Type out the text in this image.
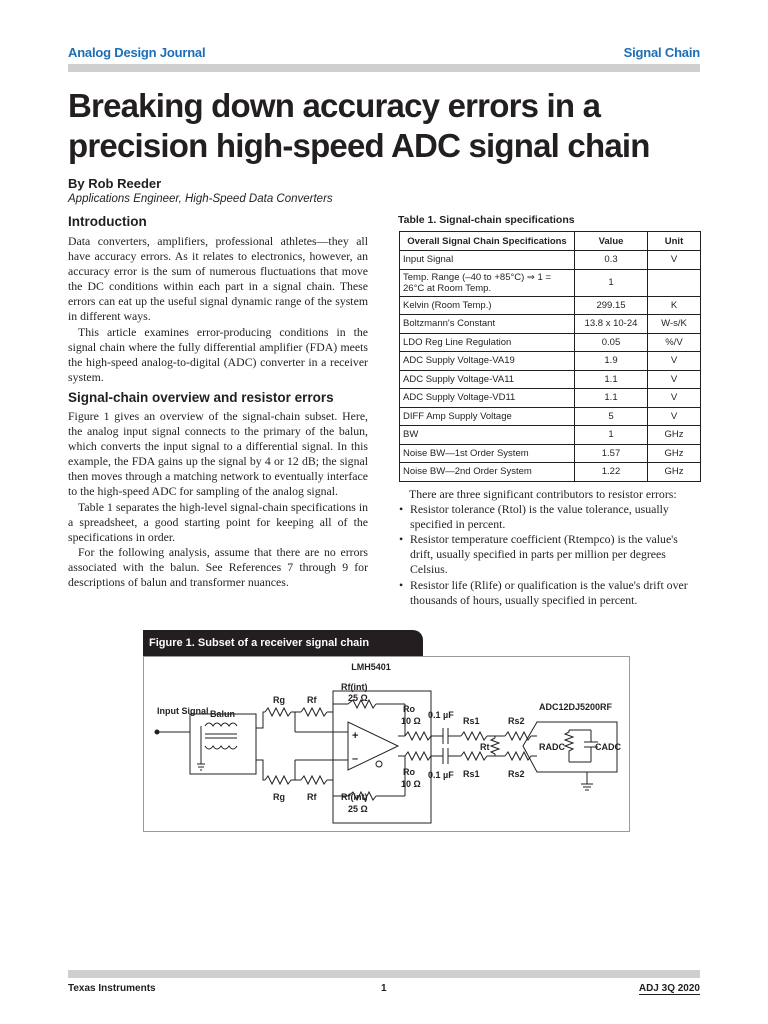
Analog Design Journal	Signal Chain
Breaking down accuracy errors in a precision high-speed ADC signal chain
By Rob Reeder
Applications Engineer, High-Speed Data Converters
Introduction

Data converters, amplifiers, professional athletes—they all have accuracy errors. As it relates to electronics, however, an accuracy error is the sum of numerous fluctuations that move the DC conditions within each part in a signal chain. These errors can eat up the useful signal dynamic range of the system in different ways.

This article examines error-producing conditions in the signal chain where the fully differential amplifier (FDA) meets the high-speed analog-to-digital (ADC) converter in a receiver system.

Signal-chain overview and resistor errors

Figure 1 gives an overview of the signal-chain subset. Here, the analog input signal connects to the primary of the balun, which converts the input signal to a differential signal. In this example, the FDA gains up the signal by 4 or 12 dB; the signal then moves through a matching network to eventually interface to the high-speed ADC for sampling of the analog signal.

Table 1 separates the high-level signal-chain specifications in a spreadsheet, a good starting point for keeping all of the specifications in order.

For the following analysis, assume that there are no errors associated with the balun. See References 7 through 9 for descriptions of balun and transformer nuances.

Table 1. Signal-chain specifications
Overall Signal Chain Specifications	Value	Unit
Input Signal	0.3	V
Temp. Range (–40 to +85°C) ⇒ 1 = 26°C at Room Temp.	1	
Kelvin (Room Temp.)	299.15	K
Boltzmann's Constant	13.8 x 10-24	W-s/K
LDO Reg Line Regulation	0.05	%/V
ADC Supply Voltage-VA19	1.9	V
ADC Supply Voltage-VA11	1.1	V
ADC Supply Voltage-VD11	1.1	V
DIFF Amp Supply Voltage	5	V
BW	1	GHz
Noise BW—1st Order System	1.57	GHz
Noise BW—2nd Order System	1.22	GHz

There are three significant contributors to resistor errors:

• Resistor tolerance (Rtol) is the value tolerance, usually specified in percent.
• Resistor temperature coefficient (Rtempco) is the value's drift, usually specified in parts per million per degrees Celsius.
• Resistor life (Rlife) or qualification is the value's drift over thousands of hours, usually specified in percent.
Figure 1. Subset of a receiver signal chain
LMH5401
ADC12DJ5200RF
Input Signal Balun
Rg Rf
Rg Rf
Rf(int)
25 Ω
Rf(int)
25 Ω
Ro
10 Ω
Ro
10 Ω
0.1 µF
0.1 µF
Rs1
Rs1
Rs2
Rs2
Rt	RADC	CADC
+
–
Texas Instruments	1	ADJ 3Q 2020
